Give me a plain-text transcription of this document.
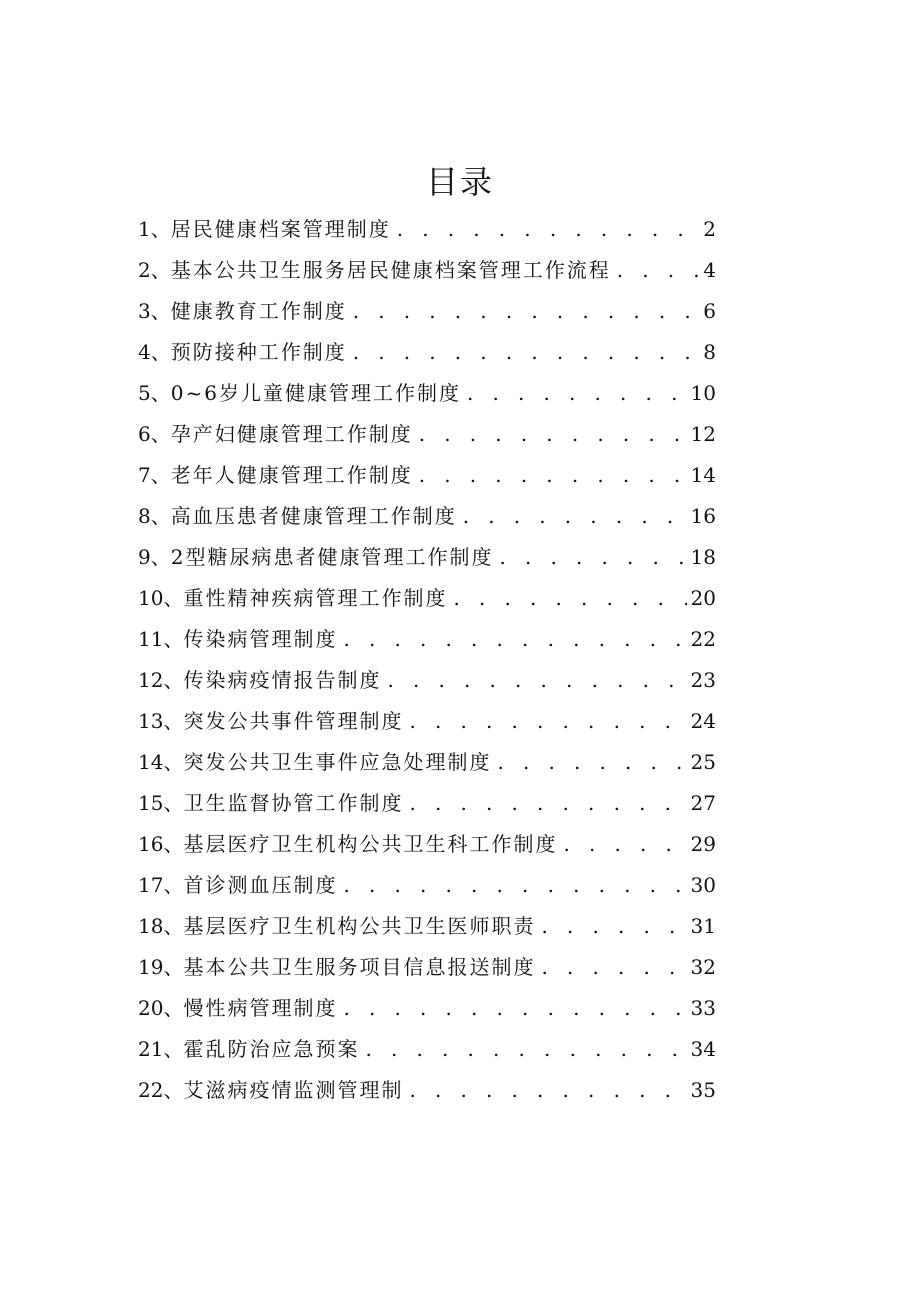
目录
1、 居民健康档案管理制度 . . .	2
2、 基本公共卫生服务居民健康档案管理工作流程 . . .	4
3、 健康教育工作制度 . . .	6
4、 预防接种工作制度 . . .	8
5、 0~6岁儿童健康管理工作制度 . . .	10
6、 孕产妇健康管理工作制度 . . .	12
7、 老年人健康管理工作制度 . . .	14
8、 高血压患者健康管理工作制度 . . .	16
9、 2型糖尿病患者健康管理工作制度 . . .	18
10、 重性精神疾病管理工作制度 . . .	20
11、 传染病管理制度 . . .	22
12、 传染病疫情报告制度 . . .	23
13、 突发公共事件管理制度 . . .	24
14、 突发公共卫生事件应急处理制度 . . .	25
15、 卫生监督协管工作制度 . . .	27
16、 基层医疗卫生机构公共卫生科工作制度 . . .	29
17、 首诊测血压制度 . . .	30
18、 基层医疗卫生机构公共卫生医师职责 . . .	31
19、 基本公共卫生服务项目信息报送制度 . . .	32
20、 慢性病管理制度 . . .	33
21、 霍乱防治应急预案 . . .	34
22、 艾滋病疫情监测管理制 . . .	35
